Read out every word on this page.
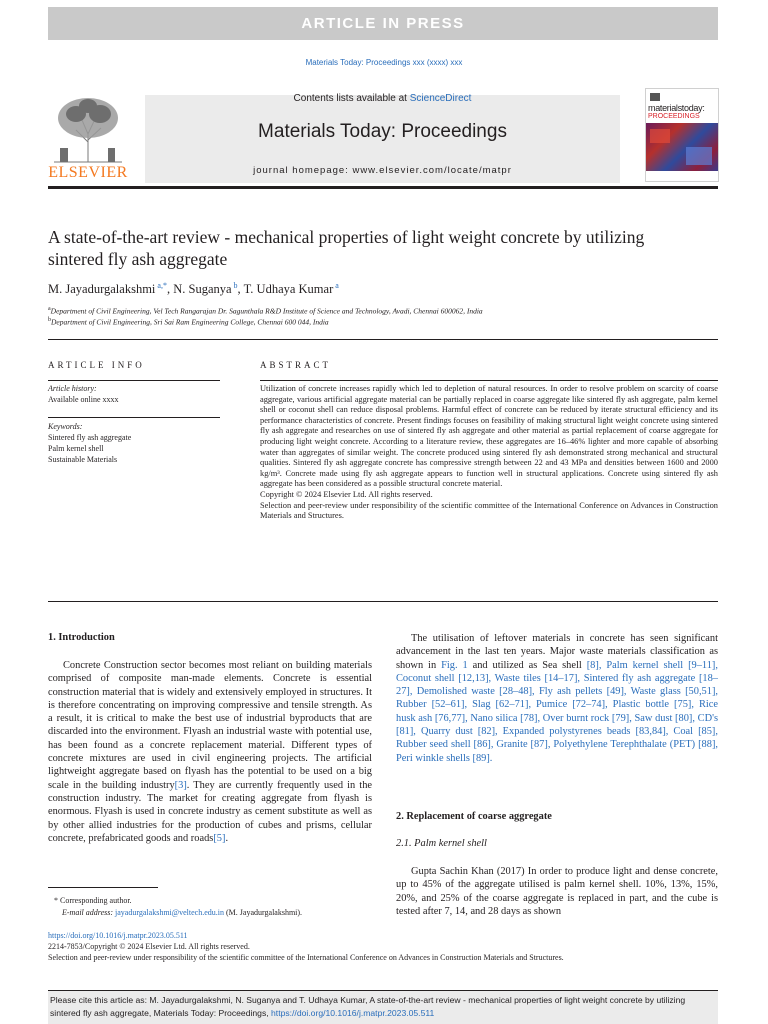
ARTICLE IN PRESS
Materials Today: Proceedings xxx (xxxx) xxx
ELSEVIER
Contents lists available at ScienceDirect
Materials Today: Proceedings
journal homepage: www.elsevier.com/locate/matpr
materialstoday:
PROCEEDINGS
A state-of-the-art review - mechanical properties of light weight concrete by utilizing sintered fly ash aggregate
M. Jayadurgalakshmi $^{a,*}$, N. Suganya $^b$, T. Udhaya Kumar $^a$
$^a$Department of Civil Engineering, Vel Tech Rangarajan Dr. Sagunthala R&D Institute of Science and Technology, Avadi, Chennai 600062, India
$^b$Department of Civil Engineering, Sri Sai Ram Engineering College, Chennai 600 044, India
ARTICLE INFO
Article history:
Available online xxxx
Keywords:
Sintered fly ash aggregate
Palm kernel shell
Sustainable Materials
ABSTRACT
Utilization of concrete increases rapidly which led to depletion of natural resources. In order to resolve problem on scarcity of coarse aggregate, various artificial aggregate material can be partially replaced in coarse aggregate like sintered fly ash aggregate, palm kernel shell or coconut shell can reduce disposal problems. Harmful effect of concrete can be reduced by iterate structural efficiency and its performance characteristics of concrete. Present findings focuses on feasibility of making structural light weight concrete using sintered fly ash aggregate and researches on use of sintered fly ash aggregate and other material as partial replacement of coarse aggregate for producing light weight concrete. According to a literature review, these aggregates are 16–46% lighter and more capable of absorbing water than aggregates of similar weight. The concrete produced using sintered fly ash demonstrated strong mechanical and structural qualities. Sintered fly ash aggregate concrete has compressive strength between 22 and 43 MPa and densities between 1600 and 2000 kg/m³. Concrete made using fly ash aggregate appears to function well in structural applications. Concrete using sintered fly ash aggregate has been considered as a possible structural concrete material.
Copyright © 2024 Elsevier Ltd. All rights reserved.
Selection and peer-review under responsibility of the scientific committee of the International Conference on Advances in Construction Materials and Structures.
1. Introduction
Concrete Construction sector becomes most reliant on building materials comprised of composite man-made elements. Concrete is essential construction material that is widely and extensively employed in structures. It is therefore concentrating on improving compressive and tensile strength. As a result, it is critical to make the best use of industrial byproducts that are discarded into the environment. Flyash an industrial waste with potential use, has been found as a concrete replacement material. Different types of concrete mixtures are used in civil engineering projects. The artificial lightweight aggregate based on flyash has the potential to be used on a big scale in the building industry[3]. They are currently frequently used in the construction industry. The market for creating aggregate from flyash is enormous. Flyash is used in concrete industry as cement substitute as well as by other allied industries for the production of cubes and prisms, cellular concrete, prefabricated goods and roads[5].
The utilisation of leftover materials in concrete has seen significant advancement in the last ten years. Major waste materials classification as shown in Fig. 1 and utilized as Sea shell [8], Palm kernel shell [9–11], Coconut shell [12,13], Waste tiles [14–17], Sintered fly ash aggregate [18–27], Demolished waste [28–48], Fly ash pellets [49], Waste glass [50,51], Rubber [52–61], Slag [62–71], Pumice [72–74], Plastic bottle [75], Rice husk ash [76,77], Nano silica [78], Over burnt rock [79], Saw dust [80], CD's [81], Quarry dust [82], Expanded polystyrenes beads [83,84], Coal [85], Rubber seed shell [86], Granite [87], Polyethylene Terephthalate (PET) [88], Peri winkle shells [89].
2. Replacement of coarse aggregate
2.1. Palm kernel shell
Gupta Sachin Khan (2017) In order to produce light and dense concrete, up to 45% of the aggregate utilised is palm kernel shell. 10%, 13%, 15%, 20%, and 25% of the coarse aggregate is replaced in part, and the cube is tested after 7, 14, and 28 days as shown
* Corresponding author.
E-mail address: jayadurgalakshmi@veltech.edu.in (M. Jayadurgalakshmi).
https://doi.org/10.1016/j.matpr.2023.05.511
2214-7853/Copyright © 2024 Elsevier Ltd. All rights reserved.
Selection and peer-review under responsibility of the scientific committee of the International Conference on Advances in Construction Materials and Structures.
Please cite this article as: M. Jayadurgalakshmi, N. Suganya and T. Udhaya Kumar, A state-of-the-art review - mechanical properties of light weight concrete by utilizing sintered fly ash aggregate, Materials Today: Proceedings, https://doi.org/10.1016/j.matpr.2023.05.511
